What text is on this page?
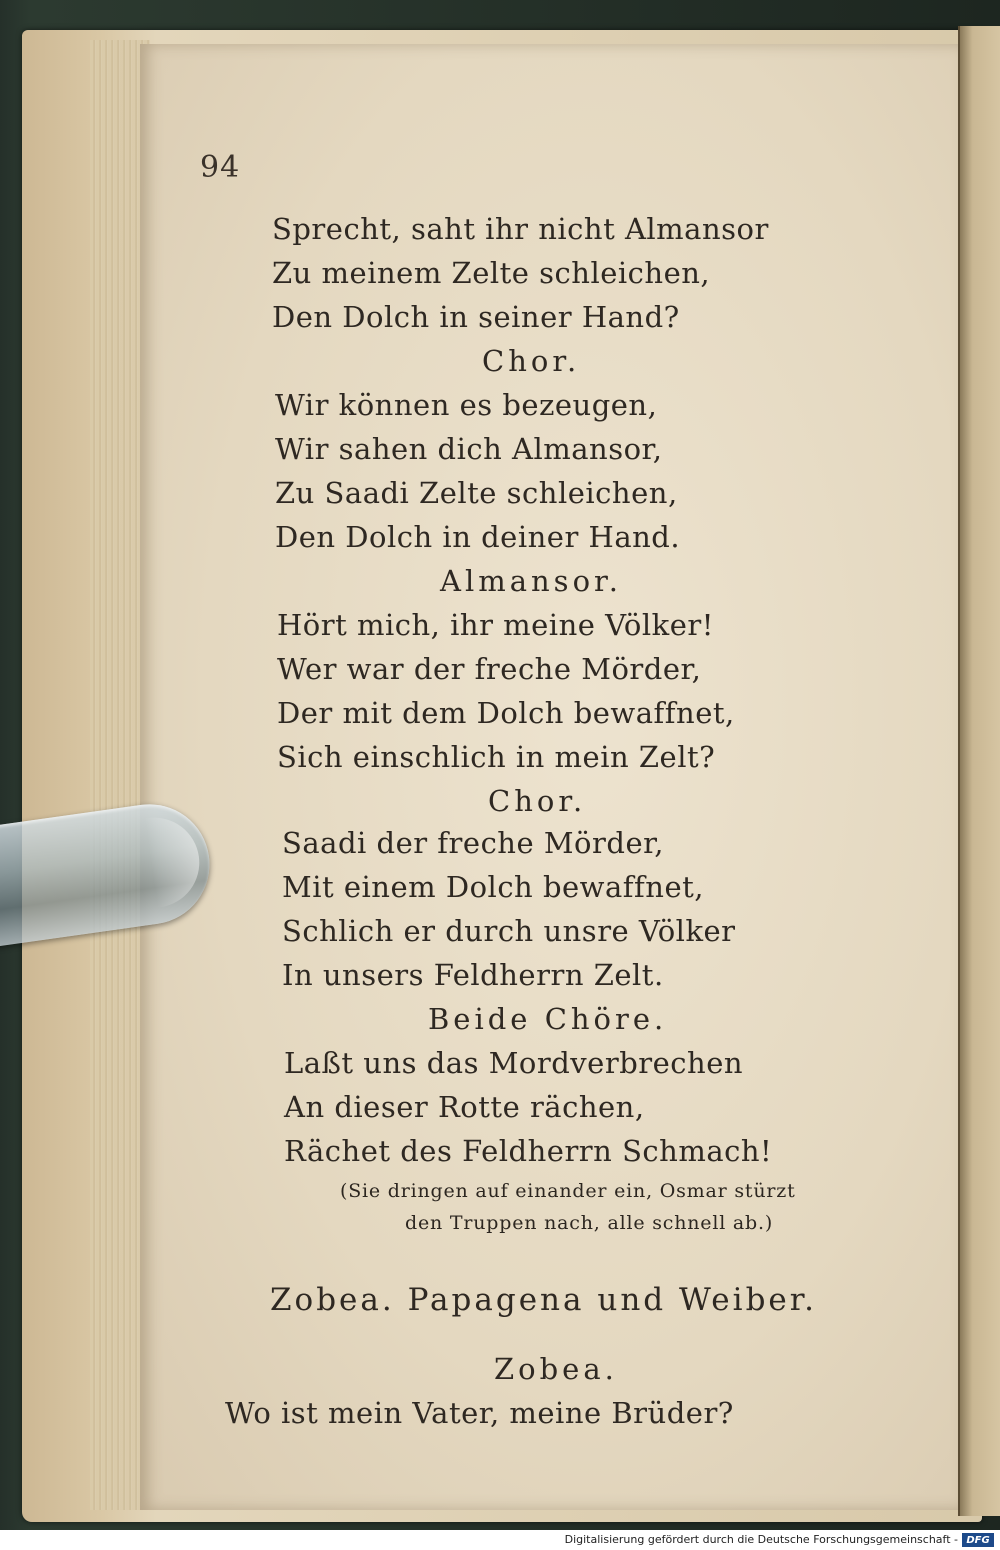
94
Sprecht, saht ihr nicht Almansor
Zu meinem Zelte schleichen,
Den Dolch in seiner Hand?
Chor.
Wir können es bezeugen,
Wir sahen dich Almansor,
Zu Saadi Zelte schleichen,
Den Dolch in deiner Hand.
Almansor.
Hört mich, ihr meine Völker!
Wer war der freche Mörder,
Der mit dem Dolch bewaffnet,
Sich einschlich in mein Zelt?
Chor.
Saadi der freche Mörder,
Mit einem Dolch bewaffnet,
Schlich er durch unsre Völker
In unsers Feldherrn Zelt.
Beide Chöre.
Laßt uns das Mordverbrechen
An dieser Rotte rächen,
Rächet des Feldherrn Schmach!
(Sie dringen auf einander ein, Osmar stürzt
den Truppen nach, alle schnell ab.)
Zobea. Papagena und Weiber.
Zobea.
Wo ist mein Vater, meine Brüder?
Digitalisierung gefördert durch die Deutsche Forschungsgemeinschaft - DFG
